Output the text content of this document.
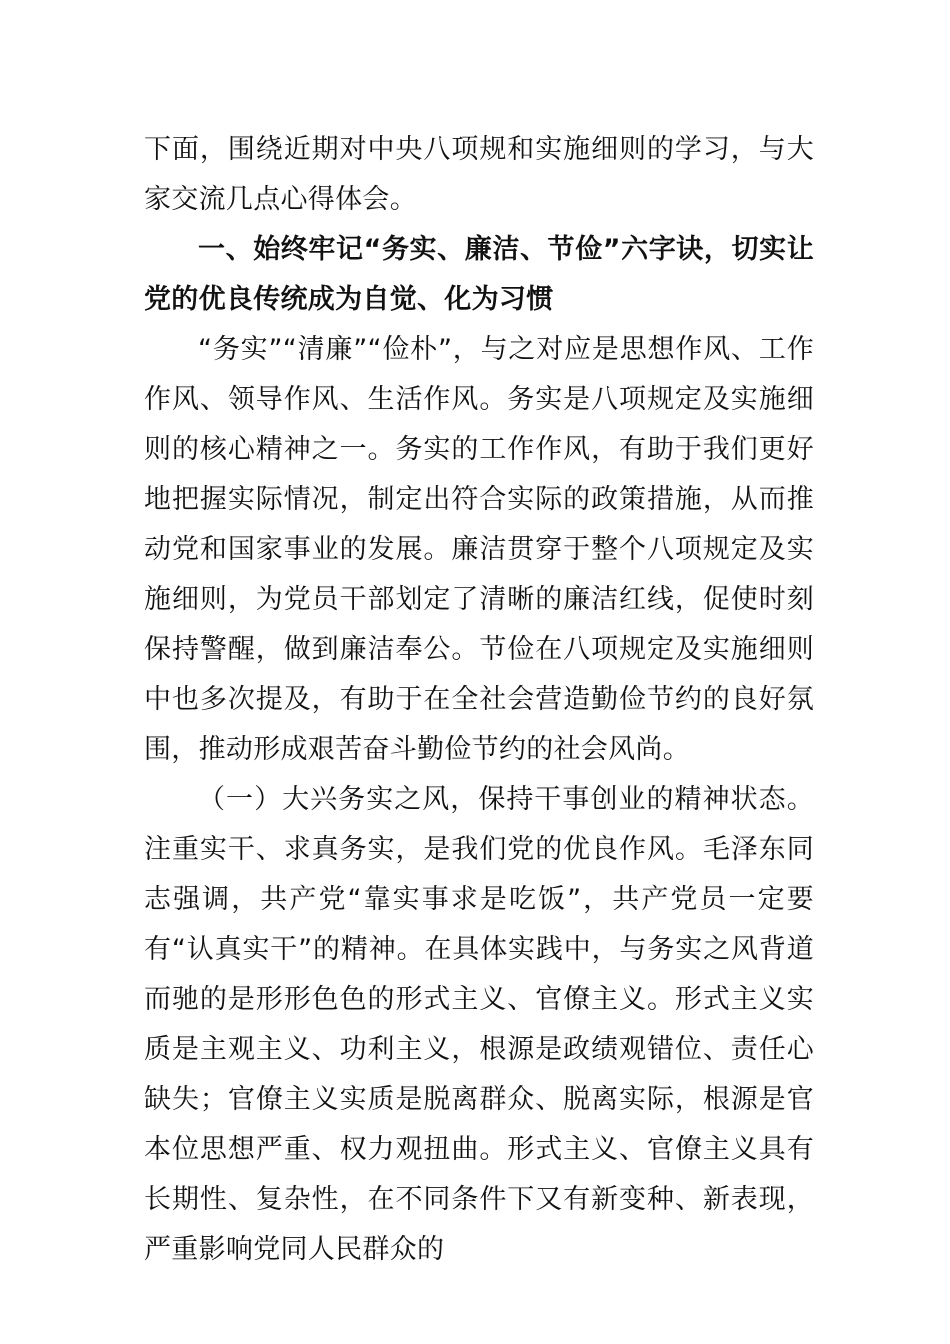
下面，围绕近期对中央八项规和实施细则的学习，与大家交流几点心得体会。

一、始终牢记“务实、廉洁、节俭”六字诀，切实让党的优良传统成为自觉、化为习惯

“务实”“清廉”“俭朴”，与之对应是思想作风、工作作风、领导作风、生活作风。务实是八项规定及实施细则的核心精神之一。务实的工作作风，有助于我们更好地把握实际情况，制定出符合实际的政策措施，从而推动党和国家事业的发展。廉洁贯穿于整个八项规定及实施细则，为党员干部划定了清晰的廉洁红线，促使时刻保持警醒，做到廉洁奉公。节俭在八项规定及实施细则中也多次提及，有助于在全社会营造勤俭节约的良好氛围，推动形成艰苦奋斗勤俭节约的社会风尚。

（一）大兴务实之风，保持干事创业的精神状态。注重实干、求真务实，是我们党的优良作风。毛泽东同志强调，共产党“靠实事求是吃饭”，共产党员一定要有“认真实干”的精神。在具体实践中，与务实之风背道而驰的是形形色色的形式主义、官僚主义。形式主义实质是主观主义、功利主义，根源是政绩观错位、责任心缺失；官僚主义实质是脱离群众、脱离实际，根源是官本位思想严重、权力观扭曲。形式主义、官僚主义具有长期性、复杂性，在不同条件下又有新变种、新表现，严重影响党同人民群众的
